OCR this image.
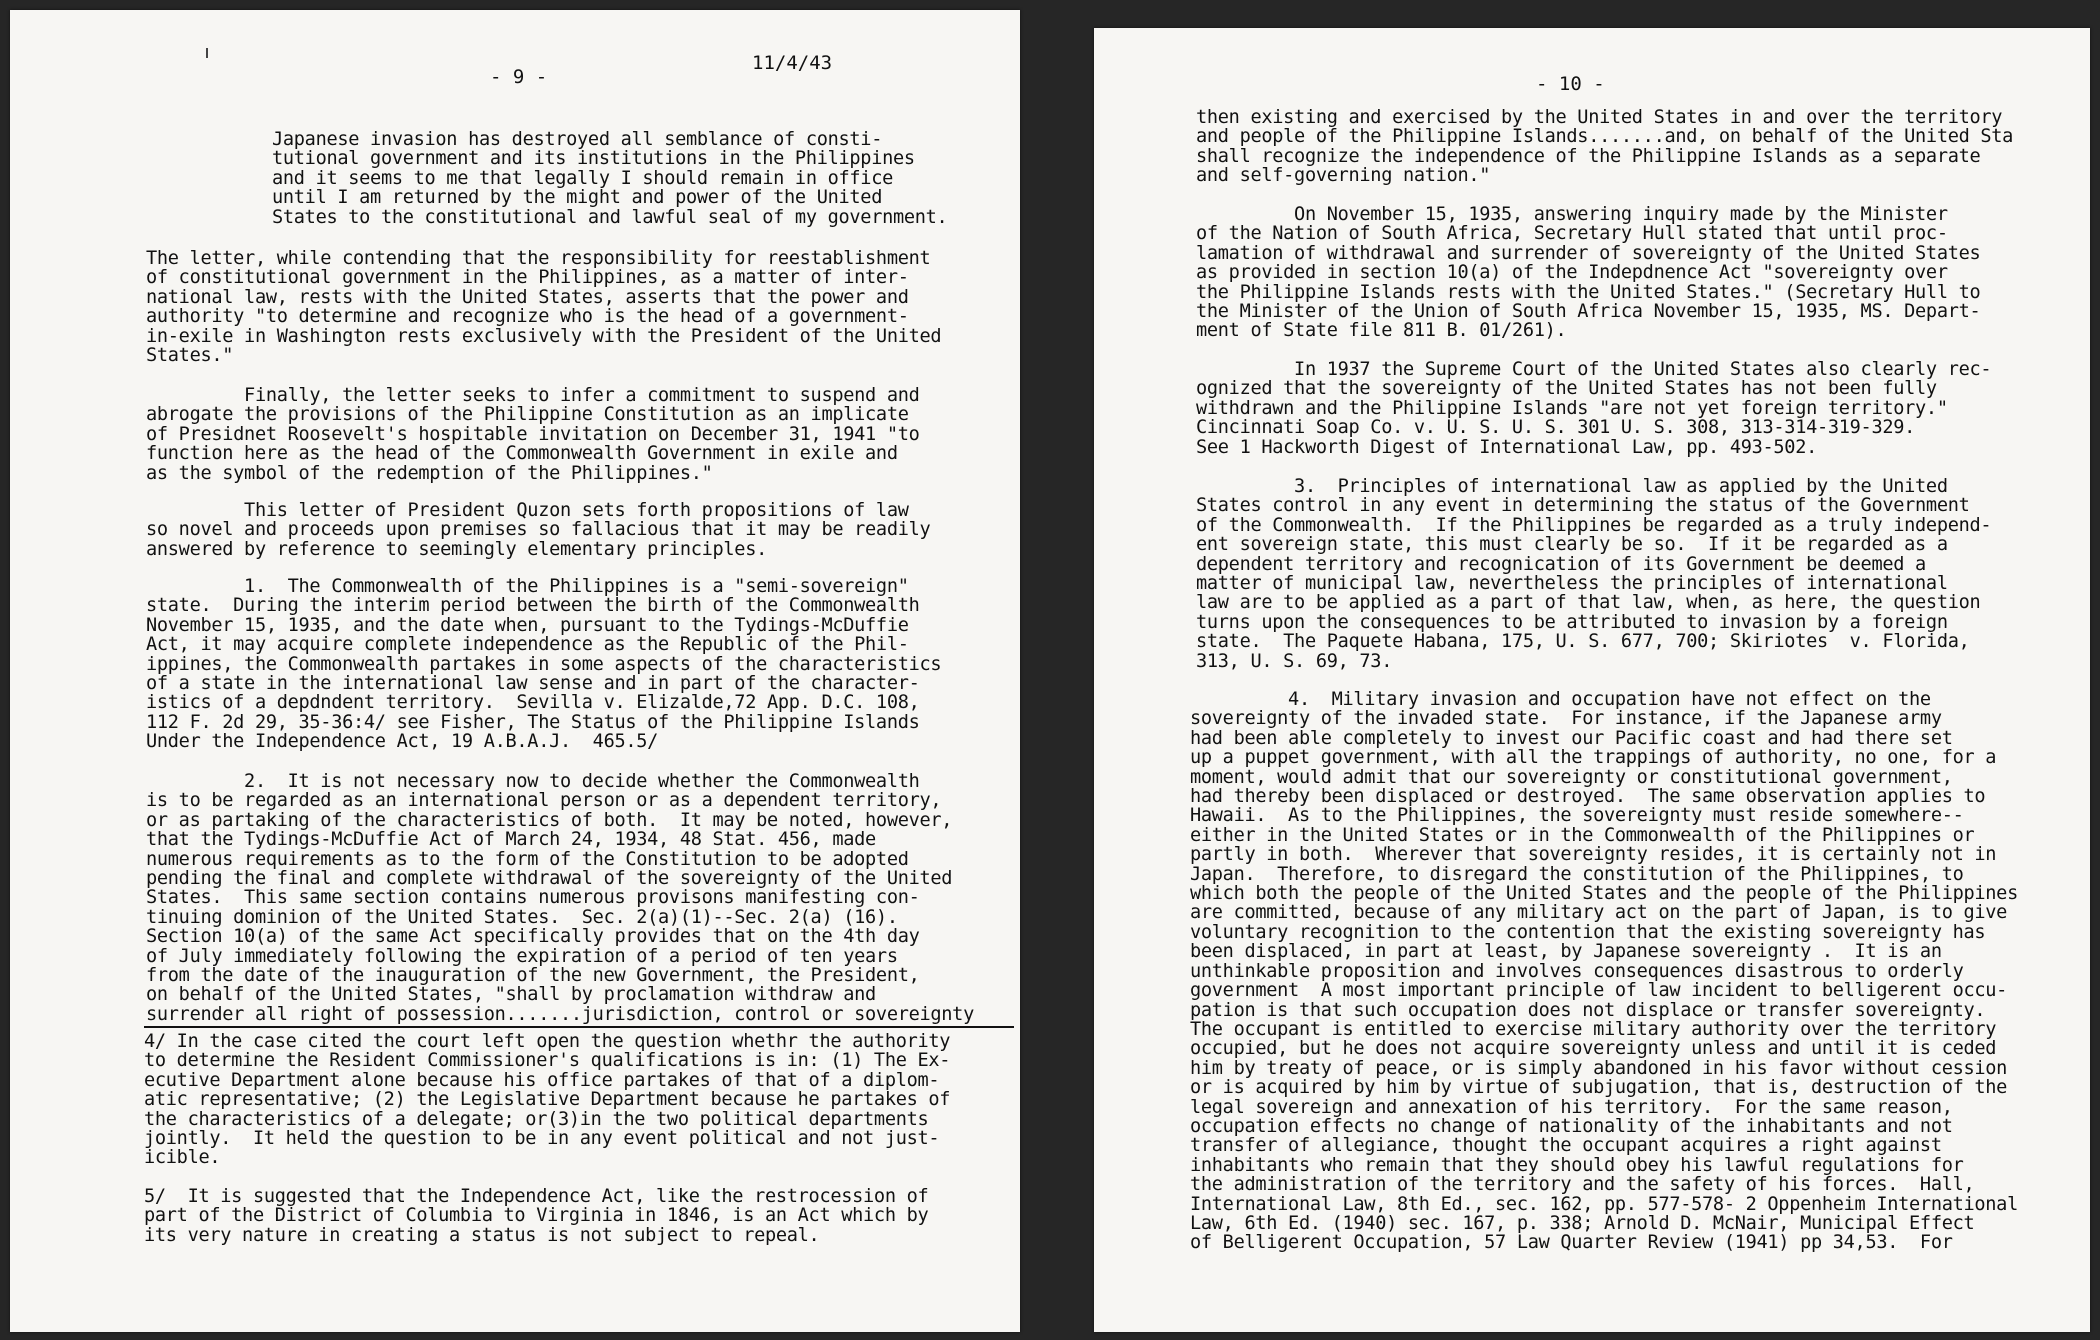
- 9 -
11/4/43
Japanese invasion has destroyed all semblance of consti-
tutional government and its institutions in the Philippines
and it seems to me that legally I should remain in office
until I am returned by the might and power of the United
States to the constitutional and lawful seal of my government.
The letter, while contending that the responsibility for reestablishment
of constitutional government in the Philippines, as a matter of inter-
national law, rests with the United States, asserts that the power and
authority "to determine and recognize who is the head of a government-
in-exile in Washington rests exclusively with the President of the United
States."
Finally, the letter seeks to infer a commitment to suspend and
abrogate the provisions of the Philippine Constitution as an implicate
of Presidnet Roosevelt's hospitable invitation on December 31, 1941 "to
function here as the head of the Commonwealth Government in exile and
as the symbol of the redemption of the Philippines."
This letter of President Quzon sets forth propositions of law
so novel and proceeds upon premises so fallacious that it may be readily
answered by reference to seemingly elementary principles.
1.  The Commonwealth of the Philippines is a "semi-sovereign"
state.  During the interim period between the birth of the Commonwealth
November 15, 1935, and the date when, pursuant to the Tydings-McDuffie
Act, it may acquire complete independence as the Republic of the Phil-
ippines, the Commonwealth partakes in some aspects of the characteristics
of a state in the international law sense and in part of the character-
istics of a depdndent territory.  Sevilla v. Elizalde,72 App. D.C. 108,
112 F. 2d 29, 35-36:4/ see Fisher, The Status of the Philippine Islands
Under the Independence Act, 19 A.B.A.J.  465.5/
2.  It is not necessary now to decide whether the Commonwealth
is to be regarded as an international person or as a dependent territory,
or as partaking of the characteristics of both.  It may be noted, however,
that the Tydings-McDuffie Act of March 24, 1934, 48 Stat. 456, made
numerous requirements as to the form of the Constitution to be adopted
pending the final and complete withdrawal of the sovereignty of the United
States.  This same section contains numerous provisons manifesting con-
tinuing dominion of the United States.  Sec. 2(a)(1)--Sec. 2(a) (16).
Section 10(a) of the same Act specifically provides that on the 4th day
of July immediately following the expiration of a period of ten years
from the date of the inauguration of the new Government, the President,
on behalf of the United States, "shall by proclamation withdraw and
surrender all right of possession.......jurisdiction, control or sovereignty
4/ In the case cited the court left open the question whethr the authority
to determine the Resident Commissioner's qualifications is in: (1) The Ex-
ecutive Department alone because his office partakes of that of a diplom-
atic representative; (2) the Legislative Department because he partakes of
the characteristics of a delegate; or(3)in the two political departments
jointly.  It held the question to be in any event political and not just-
icible.
5/  It is suggested that the Independence Act, like the restrocession of
part of the District of Columbia to Virginia in 1846, is an Act which by
its very nature in creating a status is not subject to repeal.
- 10 -
then existing and exercised by the United States in and over the territory
and people of the Philippine Islands.......and, on behalf of the United Sta
shall recognize the independence of the Philippine Islands as a separate
and self-governing nation."
On November 15, 1935, answering inquiry made by the Minister
of the Nation of South Africa, Secretary Hull stated that until proc-
lamation of withdrawal and surrender of sovereignty of the United States
as provided in section 10(a) of the Indepdnence Act "sovereignty over
the Philippine Islands rests with the United States." (Secretary Hull to
the Minister of the Union of South Africa November 15, 1935, MS. Depart-
ment of State file 811 B. 01/261).
In 1937 the Supreme Court of the United States also clearly rec-
ognized that the sovereignty of the United States has not been fully
withdrawn and the Philippine Islands "are not yet foreign territory."
Cincinnati Soap Co. v. U. S. U. S. 301 U. S. 308, 313-314-319-329.
See 1 Hackworth Digest of International Law, pp. 493-502.
3.  Principles of international law as applied by the United
States control in any event in determining the status of the Government
of the Commonwealth.  If the Philippines be regarded as a truly independ-
ent sovereign state, this must clearly be so.  If it be regarded as a
dependent territory and recognication of its Government be deemed a
matter of municipal law, nevertheless the principles of international
law are to be applied as a part of that law, when, as here, the question
turns upon the consequences to be attributed to invasion by a foreign
state.  The Paquete Habana, 175, U. S. 677, 700; Skiriotes  v. Florida,
313, U. S. 69, 73.
4.  Military invasion and occupation have not effect on the
sovereignty of the invaded state.  For instance, if the Japanese army
had been able completely to invest our Pacific coast and had there set
up a puppet government, with all the trappings of authority, no one, for a
moment, would admit that our sovereignty or constitutional government,
had thereby been displaced or destroyed.  The same observation applies to
Hawaii.  As to the Philippines, the sovereignty must reside somewhere--
either in the United States or in the Commonwealth of the Philippines or
partly in both.  Wherever that sovereignty resides, it is certainly not in
Japan.  Therefore, to disregard the constitution of the Philippines, to
which both the people of the United States and the people of the Philippines
are committed, because of any military act on the part of Japan, is to give
voluntary recognition to the contention that the existing sovereignty has
been displaced, in part at least, by Japanese sovereignty .  It is an
unthinkable proposition and involves consequences disastrous to orderly
government  A most important principle of law incident to belligerent occu-
pation is that such occupation does not displace or transfer sovereignty.
The occupant is entitled to exercise military authority over the territory
occupied, but he does not acquire sovereignty unless and until it is ceded
him by treaty of peace, or is simply abandoned in his favor without cession
or is acquired by him by virtue of subjugation, that is, destruction of the
legal sovereign and annexation of his territory.  For the same reason,
occupation effects no change of nationality of the inhabitants and not
transfer of allegiance, thought the occupant acquires a right against
inhabitants who remain that they should obey his lawful regulations for
the administration of the territory and the safety of his forces.  Hall,
International Law, 8th Ed., sec. 162, pp. 577-578- 2 Oppenheim International
Law, 6th Ed. (1940) sec. 167, p. 338; Arnold D. McNair, Municipal Effect
of Belligerent Occupation, 57 Law Quarter Review (1941) pp 34,53.  For
